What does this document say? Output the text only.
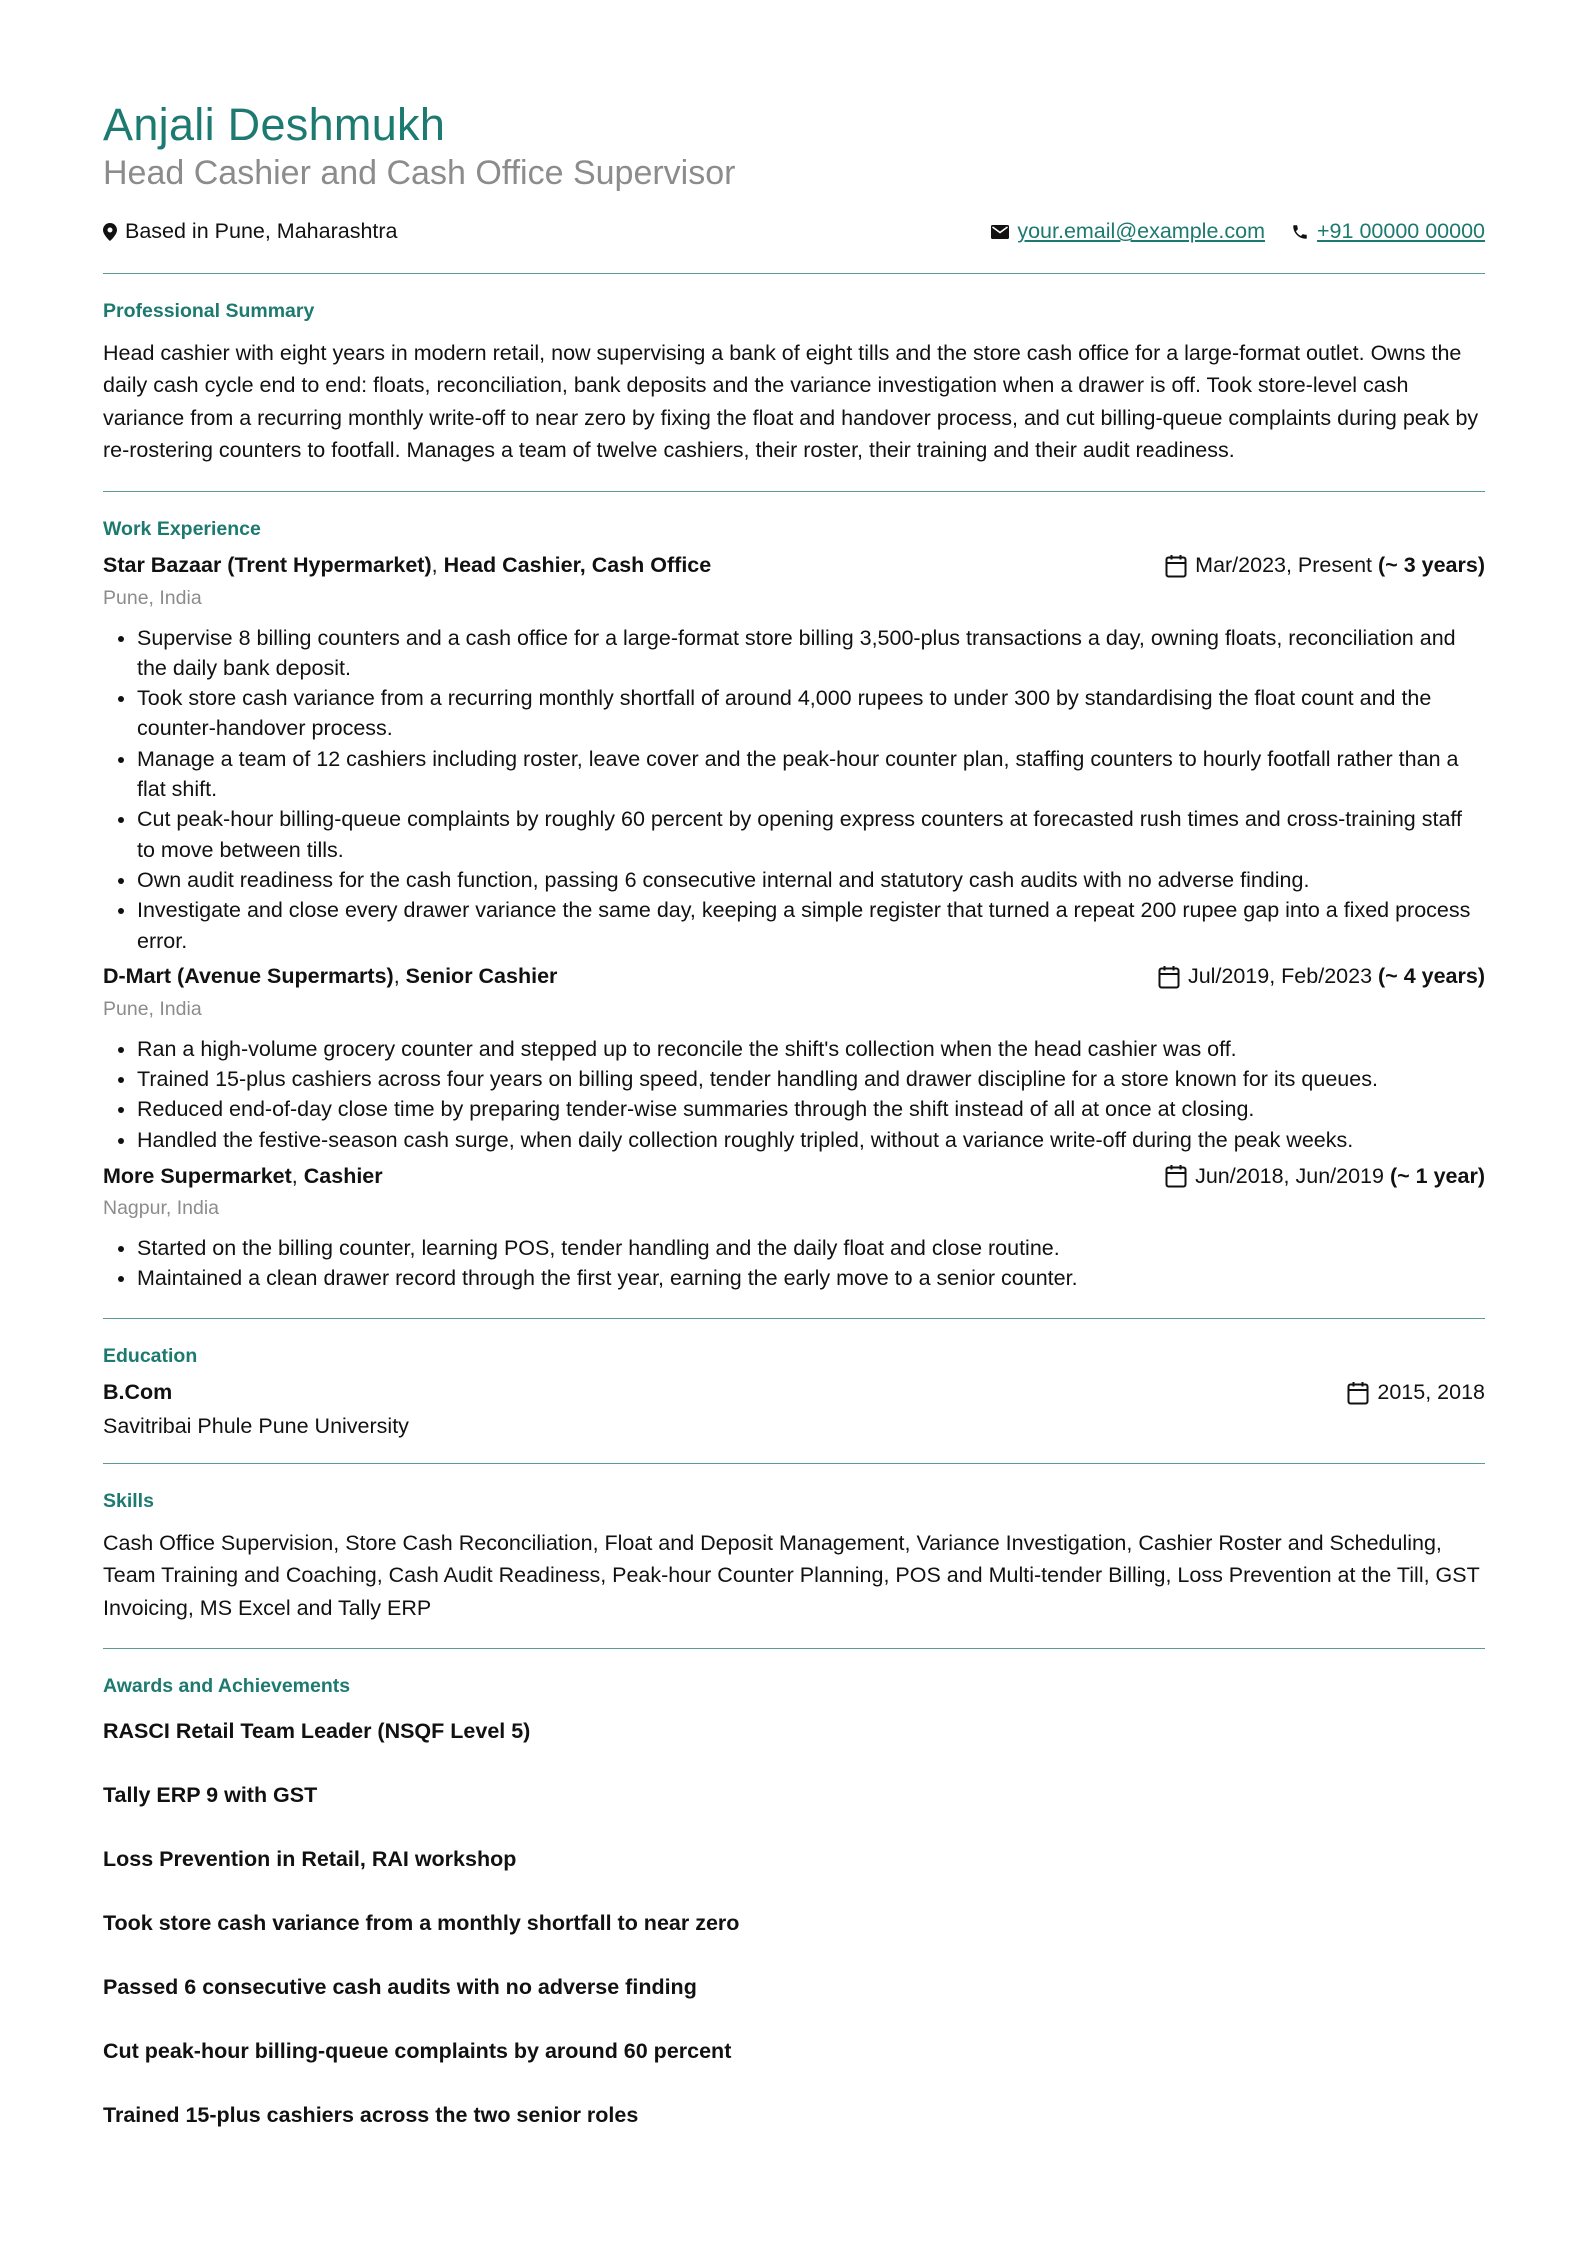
Anjali Deshmukh
Head Cashier and Cash Office Supervisor
Based in Pune, Maharashtra	your.email@example.com +91 00000 00000
Professional Summary

Head cashier with eight years in modern retail, now supervising a bank of eight tills and the store cash office for a large-format outlet. Owns the daily cash cycle end to end: floats, reconciliation, bank deposits and the variance investigation when a drawer is off. Took store-level cash variance from a recurring monthly write-off to near zero by fixing the float and handover process, and cut billing-queue complaints during peak by re-rostering counters to footfall. Manages a team of twelve cashiers, their roster, their training and their audit readiness.

Work Experience
Star Bazaar (Trent Hypermarket), Head Cashier, Cash Office	Mar/2023, Present
(~ 3 years)
Pune, India
• Supervise 8 billing counters and a cash office for a large-format store billing 3,500-plus transactions a day, owning floats, reconciliation and the daily bank deposit.
• Took store cash variance from a recurring monthly shortfall of around 4,000 rupees to under 300 by standardising the float count and the counter-handover process.
• Manage a team of 12 cashiers including roster, leave cover and the peak-hour counter plan, staffing counters to hourly footfall rather than a flat shift.
• Cut peak-hour billing-queue complaints by roughly 60 percent by opening express counters at forecasted rush times and cross-training staff to move between tills.
• Own audit readiness for the cash function, passing 6 consecutive internal and statutory cash audits with no adverse finding.
• Investigate and close every drawer variance the same day, keeping a simple register that turned a repeat 200 rupee gap into a fixed process error.
D-Mart (Avenue Supermarts), Senior Cashier	Jul/2019, Feb/2023
(~ 4 years)
Pune, India
• Ran a high-volume grocery counter and stepped up to reconcile the shift's collection when the head cashier was off.
• Trained 15-plus cashiers across four years on billing speed, tender handling and drawer discipline for a store known for its queues.
• Reduced end-of-day close time by preparing tender-wise summaries through the shift instead of all at once at closing.
• Handled the festive-season cash surge, when daily collection roughly tripled, without a variance write-off during the peak weeks.
More Supermarket, Cashier	Jun/2018, Jun/2019
(~ 1 year)
Nagpur, India
• Started on the billing counter, learning POS, tender handling and the daily float and close routine.
• Maintained a clean drawer record through the first year, earning the early move to a senior counter.
Education
B.Com	2015, 2018
Savitribai Phule Pune University
Skills

Cash Office Supervision, Store Cash Reconciliation, Float and Deposit Management, Variance Investigation, Cashier Roster and Scheduling, Team Training and Coaching, Cash Audit Readiness, Peak-hour Counter Planning, POS and Multi-tender Billing, Loss Prevention at the Till, GST Invoicing, MS Excel and Tally ERP

Awards and Achievements

RASCI Retail Team Leader (NSQF Level 5)

Tally ERP 9 with GST

Loss Prevention in Retail, RAI workshop

Took store cash variance from a monthly shortfall to near zero

Passed 6 consecutive cash audits with no adverse finding

Cut peak-hour billing-queue complaints by around 60 percent

Trained 15-plus cashiers across the two senior roles
